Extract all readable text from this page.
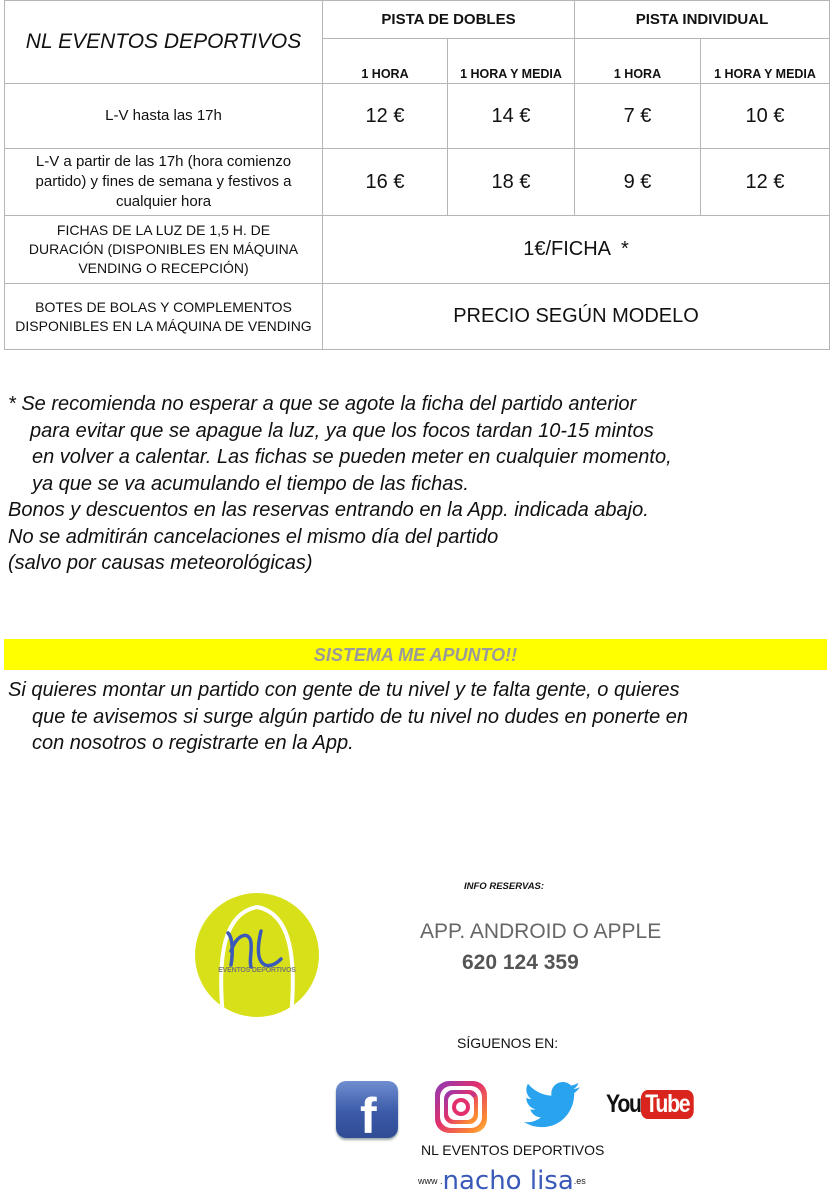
NL EVENTOS DEPORTIVOS	PISTA DE DOBLES		PISTA INDIVIDUAL	
	1 HORA	1 HORA Y MEDIA	1 HORA	1 HORA Y MEDIA
L-V hasta las 17h	12 €	14 €	7 €	10 €
L-V a partir de las 17h (hora comienzo partido) y fines de semana y festivos a cualquier hora	16 €	18 €	9 €	12 €
FICHAS DE LA LUZ DE 1,5 H. DE DURACIÓN (DISPONIBLES EN MÁQUINA VENDING O RECEPCIÓN)	1€/FICHA  *			
BOTES DE BOLAS Y COMPLEMENTOS DISPONIBLES EN LA MÁQUINA DE VENDING	PRECIO SEGÚN MODELO			
* Se recomienda no esperar a que se agote la ficha del partido anterior
para evitar que se apague la luz, ya que los focos tardan 10-15 mintos
en volver a calentar. Las fichas se pueden meter en cualquier momento,
ya que se va acumulando el tiempo de las fichas.
Bonos y descuentos en las reservas entrando en la App. indicada abajo.
No se admitirán cancelaciones el mismo día del partido
(salvo por causas meteorológicas)
SISTEMA ME APUNTO!!
Si quieres montar un partido con gente de tu nivel y te falta gente, o quieres
que te avisemos si surge algún partido de tu nivel no dudes en ponerte en
con nosotros o registrarte en la App.
EVENTOS DEPORTIVOS
INFO RESERVAS:
APP. ANDROID O APPLE
620 124 359
SÍGUENOS EN:
f	You Tube
NL EVENTOS DEPORTIVOS
www .nacho lisa.es
